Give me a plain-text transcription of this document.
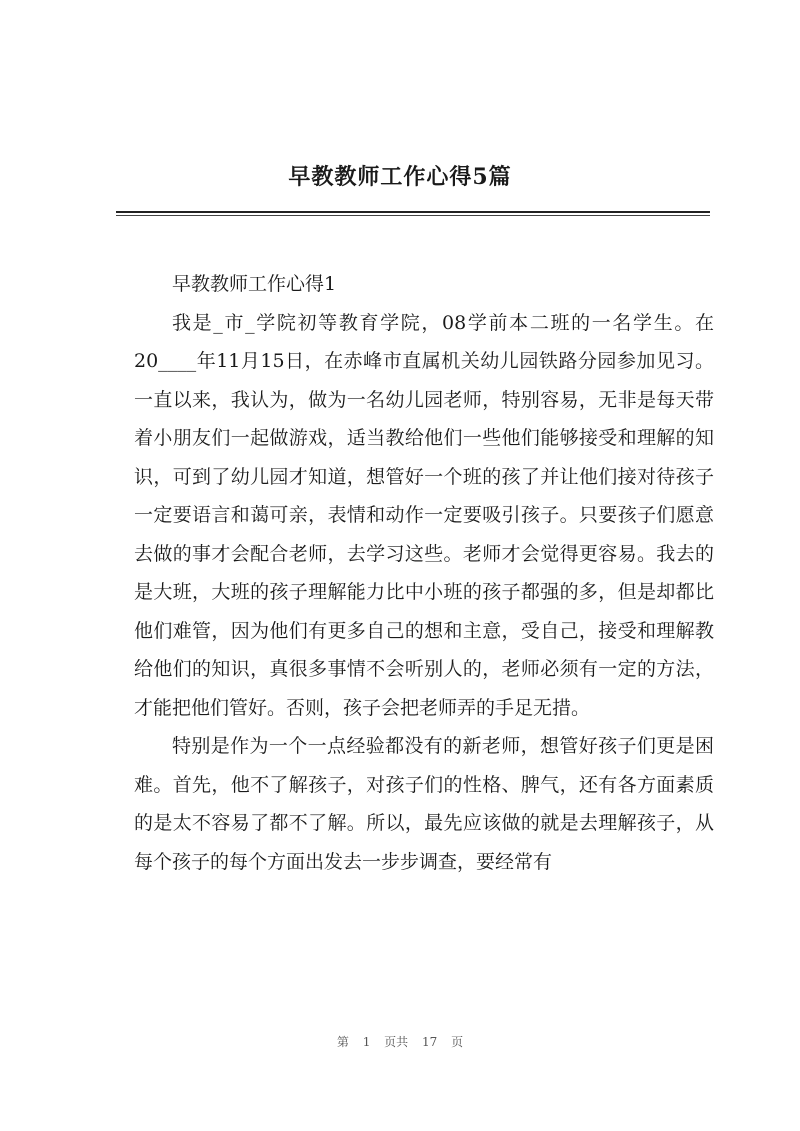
早教教师工作心得5篇

早教教师工作心得1

我是_市_学院初等教育学院，08学前本二班的一名学生。在20____年11月15日，在赤峰市直属机关幼儿园铁路分园参加见习。一直以来，我认为，做为一名幼儿园老师，特别容易，无非是每天带着小朋友们一起做游戏，适当教给他们一些他们能够接受和理解的知识，可到了幼儿园才知道，想管好一个班的孩了并让他们接对待孩子一定要语言和蔼可亲，表情和动作一定要吸引孩子。只要孩子们愿意去做的事才会配合老师，去学习这些。老师才会觉得更容易。我去的是大班，大班的孩子理解能力比中小班的孩子都强的多，但是却都比他们难管，因为他们有更多自己的想和主意，受自己，接受和理解教给他们的知识，真很多事情不会听别人的，老师必须有一定的方法，才能把他们管好。否则，孩子会把老师弄的手足无措。

特别是作为一个一点经验都没有的新老师，想管好孩子们更是困难。首先，他不了解孩子，对孩子们的性格、脾气，还有各方面素质的是太不容易了都不了解。所以，最先应该做的就是去理解孩子，从每个孩子的每个方面出发去一步步调查，要经常有

第 1 页共 17 页
